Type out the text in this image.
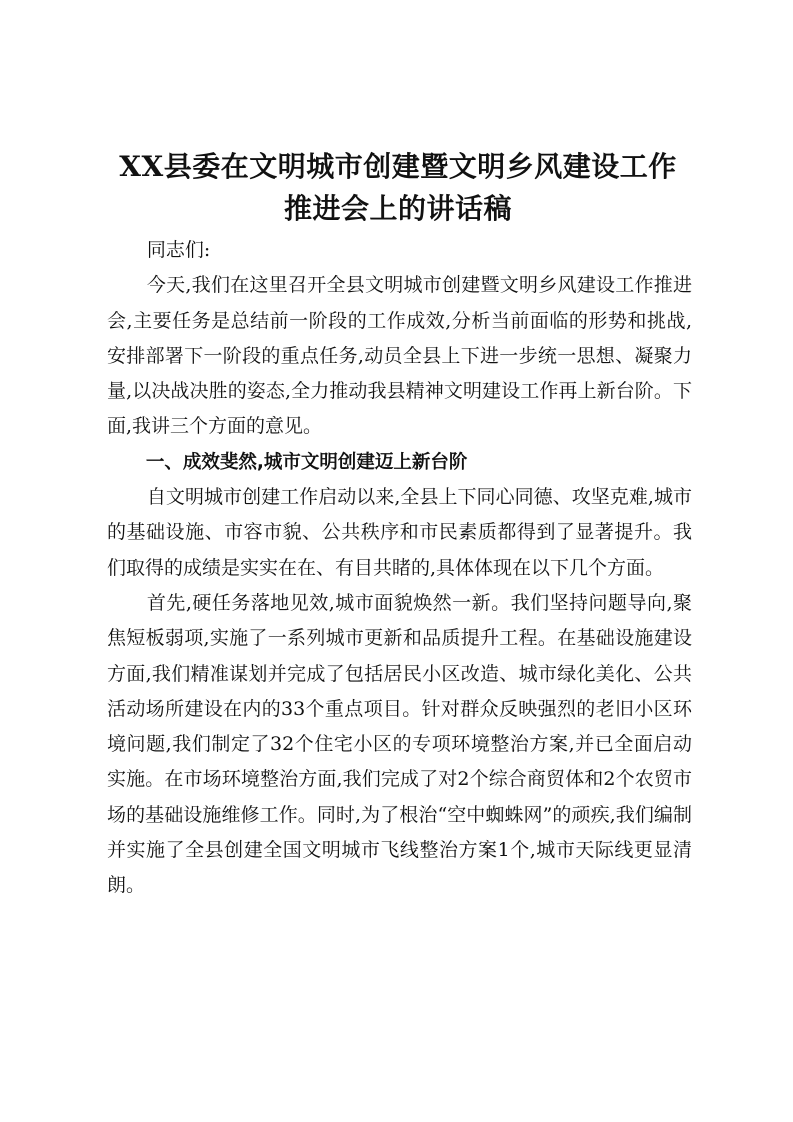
XX县委在文明城市创建暨文明乡风建设工作
推进会上的讲话稿

同志们:

今天,我们在这里召开全县文明城市创建暨文明乡风建设工作推进会,主要任务是总结前一阶段的工作成效,分析当前面临的形势和挑战,安排部署下一阶段的重点任务,动员全县上下进一步统一思想、凝聚力量,以决战决胜的姿态,全力推动我县精神文明建设工作再上新台阶。下面,我讲三个方面的意见。

一、成效斐然,城市文明创建迈上新台阶

自文明城市创建工作启动以来,全县上下同心同德、攻坚克难,城市的基础设施、市容市貌、公共秩序和市民素质都得到了显著提升。我们取得的成绩是实实在在、有目共睹的,具体体现在以下几个方面。

首先,硬任务落地见效,城市面貌焕然一新。我们坚持问题导向,聚焦短板弱项,实施了一系列城市更新和品质提升工程。在基础设施建设方面,我们精准谋划并完成了包括居民小区改造、城市绿化美化、公共活动场所建设在内的33个重点项目。针对群众反映强烈的老旧小区环境问题,我们制定了32个住宅小区的专项环境整治方案,并已全面启动实施。在市场环境整治方面,我们完成了对2个综合商贸体和2个农贸市场的基础设施维修工作。同时,为了根治“空中蜘蛛网”的顽疾,我们编制并实施了全县创建全国文明城市飞线整治方案1个,城市天际线更显清朗。
